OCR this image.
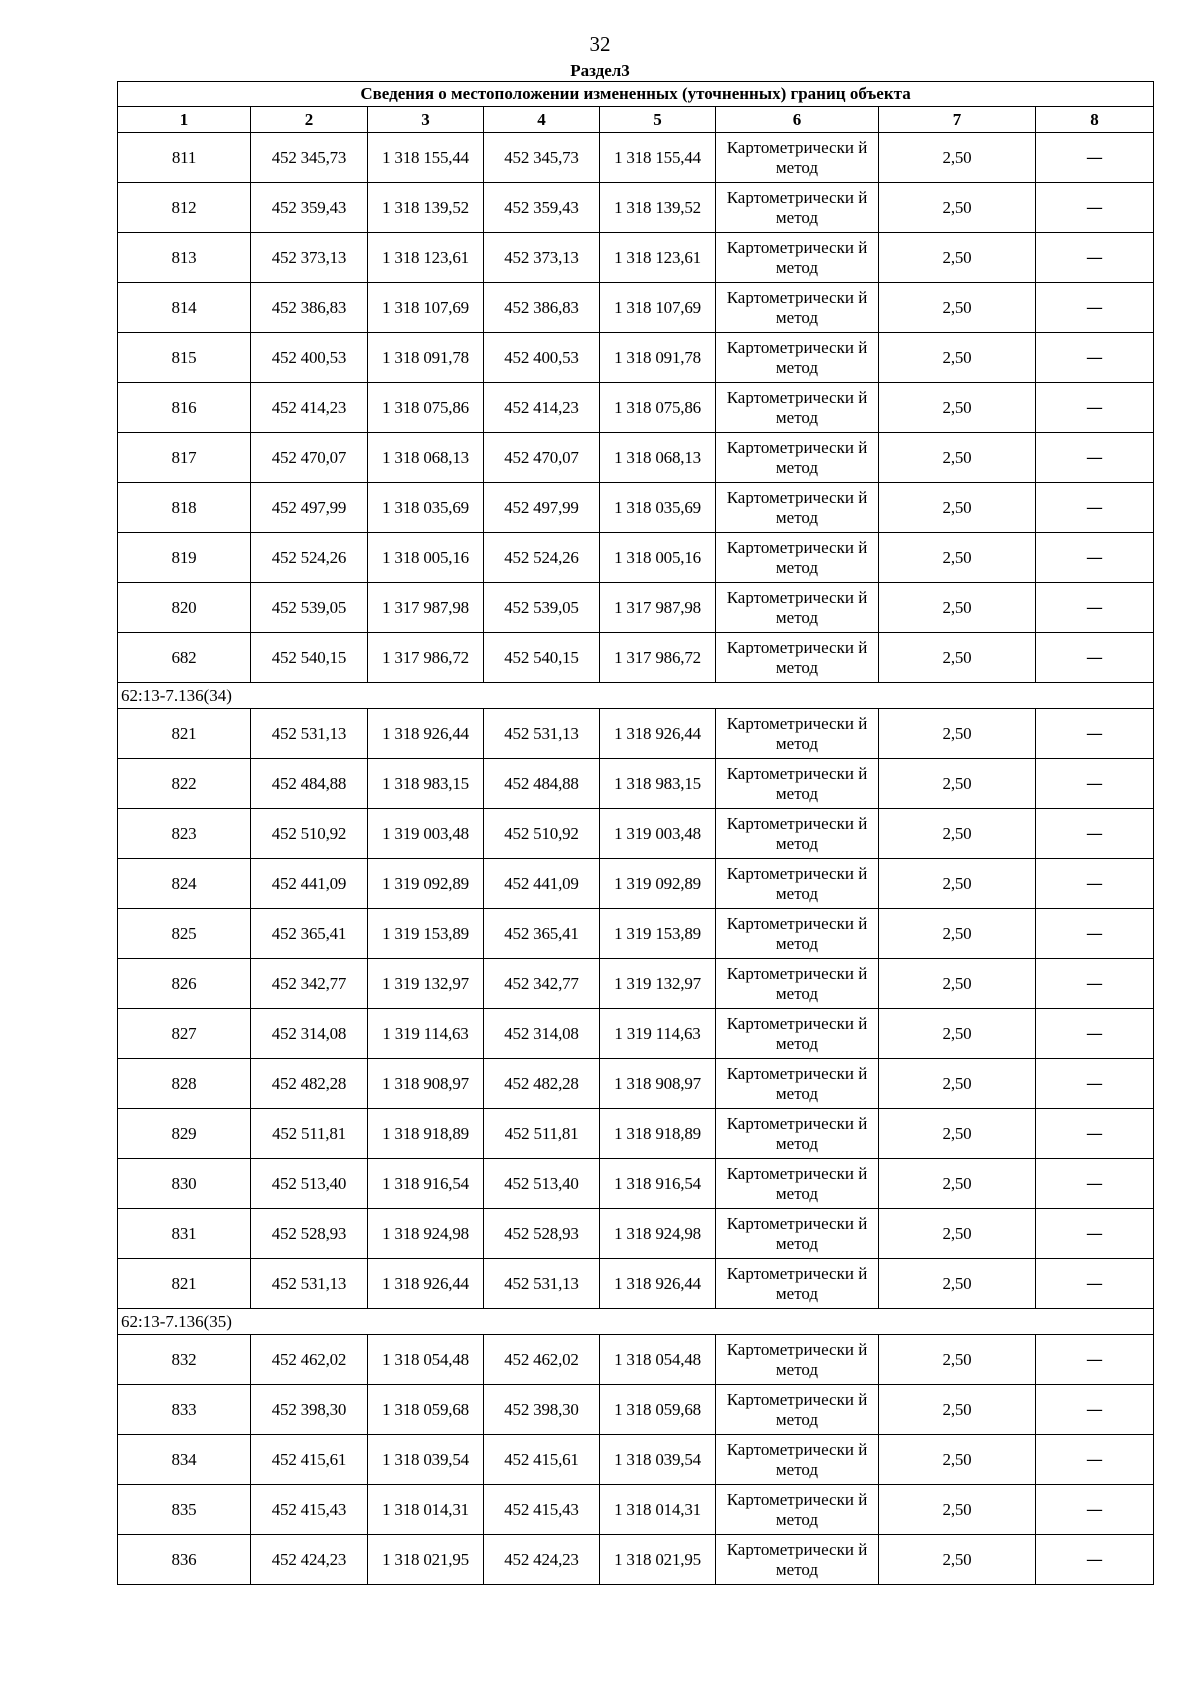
32
Раздел3
Сведения о местоположении измененных (уточненных) границ объекта							
1	2	3	4	5	6	7	8
811	452 345,73	1 318 155,44	452 345,73	1 318 155,44	Картометрически й метод	2,50	—
812	452 359,43	1 318 139,52	452 359,43	1 318 139,52	Картометрически й метод	2,50	—
813	452 373,13	1 318 123,61	452 373,13	1 318 123,61	Картометрически й метод	2,50	—
814	452 386,83	1 318 107,69	452 386,83	1 318 107,69	Картометрически й метод	2,50	—
815	452 400,53	1 318 091,78	452 400,53	1 318 091,78	Картометрически й метод	2,50	—
816	452 414,23	1 318 075,86	452 414,23	1 318 075,86	Картометрически й метод	2,50	—
817	452 470,07	1 318 068,13	452 470,07	1 318 068,13	Картометрически й метод	2,50	—
818	452 497,99	1 318 035,69	452 497,99	1 318 035,69	Картометрически й метод	2,50	—
819	452 524,26	1 318 005,16	452 524,26	1 318 005,16	Картометрически й метод	2,50	—
820	452 539,05	1 317 987,98	452 539,05	1 317 987,98	Картометрически й метод	2,50	—
682	452 540,15	1 317 986,72	452 540,15	1 317 986,72	Картометрически й метод	2,50	—
62:13-7.136(34)							
821	452 531,13	1 318 926,44	452 531,13	1 318 926,44	Картометрически й метод	2,50	—
822	452 484,88	1 318 983,15	452 484,88	1 318 983,15	Картометрически й метод	2,50	—
823	452 510,92	1 319 003,48	452 510,92	1 319 003,48	Картометрически й метод	2,50	—
824	452 441,09	1 319 092,89	452 441,09	1 319 092,89	Картометрически й метод	2,50	—
825	452 365,41	1 319 153,89	452 365,41	1 319 153,89	Картометрически й метод	2,50	—
826	452 342,77	1 319 132,97	452 342,77	1 319 132,97	Картометрически й метод	2,50	—
827	452 314,08	1 319 114,63	452 314,08	1 319 114,63	Картометрически й метод	2,50	—
828	452 482,28	1 318 908,97	452 482,28	1 318 908,97	Картометрически й метод	2,50	—
829	452 511,81	1 318 918,89	452 511,81	1 318 918,89	Картометрически й метод	2,50	—
830	452 513,40	1 318 916,54	452 513,40	1 318 916,54	Картометрически й метод	2,50	—
831	452 528,93	1 318 924,98	452 528,93	1 318 924,98	Картометрически й метод	2,50	—
821	452 531,13	1 318 926,44	452 531,13	1 318 926,44	Картометрически й метод	2,50	—
62:13-7.136(35)							
832	452 462,02	1 318 054,48	452 462,02	1 318 054,48	Картометрически й метод	2,50	—
833	452 398,30	1 318 059,68	452 398,30	1 318 059,68	Картометрически й метод	2,50	—
834	452 415,61	1 318 039,54	452 415,61	1 318 039,54	Картометрически й метод	2,50	—
835	452 415,43	1 318 014,31	452 415,43	1 318 014,31	Картометрически й метод	2,50	—
836	452 424,23	1 318 021,95	452 424,23	1 318 021,95	Картометрически й метод	2,50	—
